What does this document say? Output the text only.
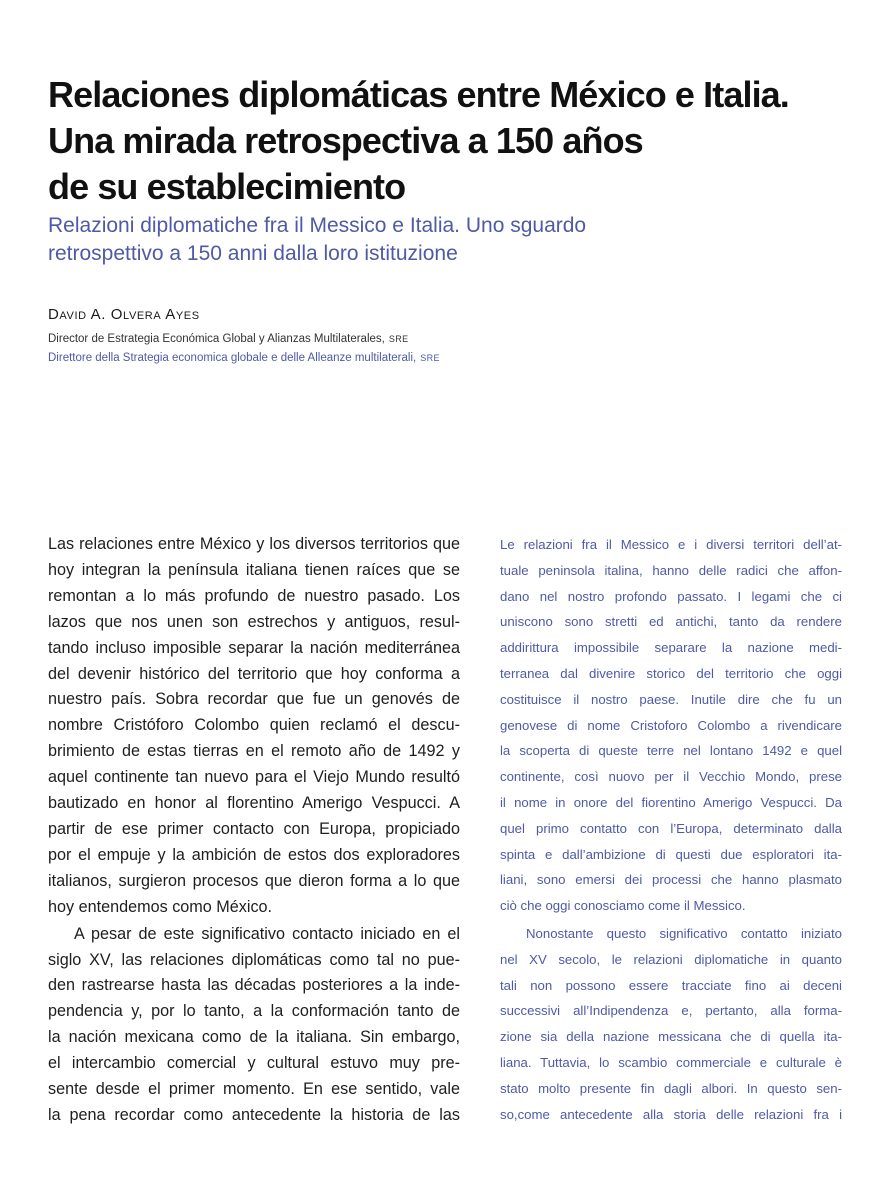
Relaciones diplomáticas entre México e Italia.
Una mirada retrospectiva a 150 años
de su establecimiento
Relazioni diplomatiche fra il Messico e Italia. Uno sguardo
retrospettivo a 150 anni dalla loro istituzione
David A. Olvera Ayes
Director de Estrategia Económica Global y Alianzas Multilaterales, SRE
Direttore della Strategia economica globale e delle Alleanze multilaterali, SRE
Las relaciones entre México y los diversos territorios que
hoy integran la península italiana tienen raíces que se
remontan a lo más profundo de nuestro pasado. Los
lazos que nos unen son estrechos y antiguos, resul-
tando incluso imposible separar la nación mediterránea
del devenir histórico del territorio que hoy conforma a
nuestro país. Sobra recordar que fue un genovés de
nombre Cristóforo Colombo quien reclamó el descu-
brimiento de estas tierras en el remoto año de 1492 y
aquel continente tan nuevo para el Viejo Mundo resultó
bautizado en honor al florentino Amerigo Vespucci. A
partir de ese primer contacto con Europa, propiciado
por el empuje y la ambición de estos dos exploradores
italianos, surgieron procesos que dieron forma a lo que
hoy entendemos como México.
A pesar de este significativo contacto iniciado en el
siglo XV, las relaciones diplomáticas como tal no pue-
den rastrearse hasta las décadas posteriores a la inde-
pendencia y, por lo tanto, a la conformación tanto de
la nación mexicana como de la italiana. Sin embargo,
el intercambio comercial y cultural estuvo muy pre-
sente desde el primer momento. En ese sentido, vale
la pena recordar como antecedente la historia de las
Le relazioni fra il Messico e i diversi territori dell’at-
tuale peninsola italina, hanno delle radici che affon-
dano nel nostro profondo passato. I legami che ci
uniscono sono stretti ed antichi, tanto da rendere
addirittura impossibile separare la nazione medi-
terranea dal divenire storico del territorio che oggi
costituisce il nostro paese. Inutile dire che fu un
genovese di nome Cristoforo Colombo a rivendicare
la scoperta di queste terre nel lontano 1492 e quel
continente, così nuovo per il Vecchio Mondo, prese
il nome in onore del fiorentino Amerigo Vespucci. Da
quel primo contatto con l’Europa, determinato dalla
spinta e dall’ambizione di questi due esploratori ita-
liani, sono emersi dei processi che hanno plasmato
ciò che oggi conosciamo come il Messico.
Nonostante questo significativo contatto iniziato
nel XV secolo, le relazioni diplomatiche in quanto
tali non possono essere tracciate fino ai deceni
successivi all’Indipendenza e, pertanto, alla forma-
zione sia della nazione messicana che di quella ita-
liana. Tuttavia, lo scambio commerciale e culturale è
stato molto presente fin dagli albori. In questo sen-
so,come antecedente alla storia delle relazioni fra i
